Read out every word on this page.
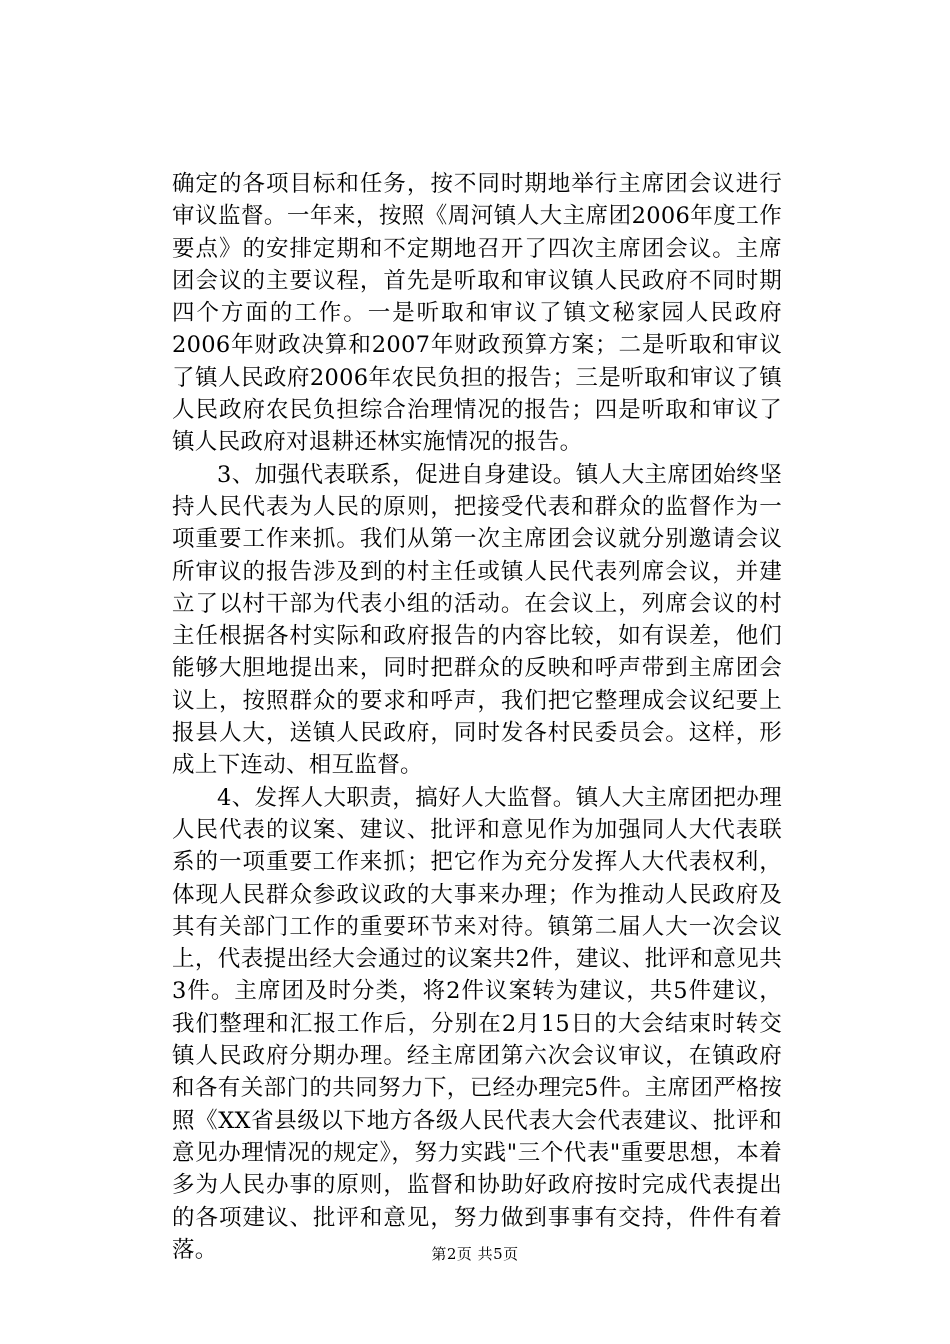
确定的各项目标和任务，按不同时期地举行主席团会议进行审议监督。一年来，按照《周河镇人大主席团2006年度工作要点》的安排定期和不定期地召开了四次主席团会议。主席团会议的主要议程，首先是听取和审议镇人民政府不同时期四个方面的工作。一是听取和审议了镇文秘家园人民政府2006年财政决算和2007年财政预算方案；二是听取和审议了镇人民政府2006年农民负担的报告；三是听取和审议了镇人民政府农民负担综合治理情况的报告；四是听取和审议了镇人民政府对退耕还林实施情况的报告。

3、加强代表联系，促进自身建设。镇人大主席团始终坚持人民代表为人民的原则，把接受代表和群众的监督作为一项重要工作来抓。我们从第一次主席团会议就分别邀请会议所审议的报告涉及到的村主任或镇人民代表列席会议，并建立了以村干部为代表小组的活动。在会议上，列席会议的村主任根据各村实际和政府报告的内容比较，如有误差，他们能够大胆地提出来，同时把群众的反映和呼声带到主席团会议上，按照群众的要求和呼声，我们把它整理成会议纪要上报县人大，送镇人民政府，同时发各村民委员会。这样，形成上下连动、相互监督。

4、发挥人大职责，搞好人大监督。镇人大主席团把办理人民代表的议案、建议、批评和意见作为加强同人大代表联系的一项重要工作来抓；把它作为充分发挥人大代表权利，体现人民群众参政议政的大事来办理；作为推动人民政府及其有关部门工作的重要环节来对待。镇第二届人大一次会议上，代表提出经大会通过的议案共2件，建议、批评和意见共3件。主席团及时分类，将2件议案转为建议，共5件建议，我们整理和汇报工作后，分别在2月15日的大会结束时转交镇人民政府分期办理。经主席团第六次会议审议，在镇政府和各有关部门的共同努力下，已经办理完5件。主席团严格按照《XX省县级以下地方各级人民代表大会代表建议、批评和意见办理情况的规定》，努力实践"三个代表"重要思想，本着多为人民办事的原则，监督和协助好政府按时完成代表提出的各项建议、批评和意见，努力做到事事有交持，件件有着落。	第2页 共5页
